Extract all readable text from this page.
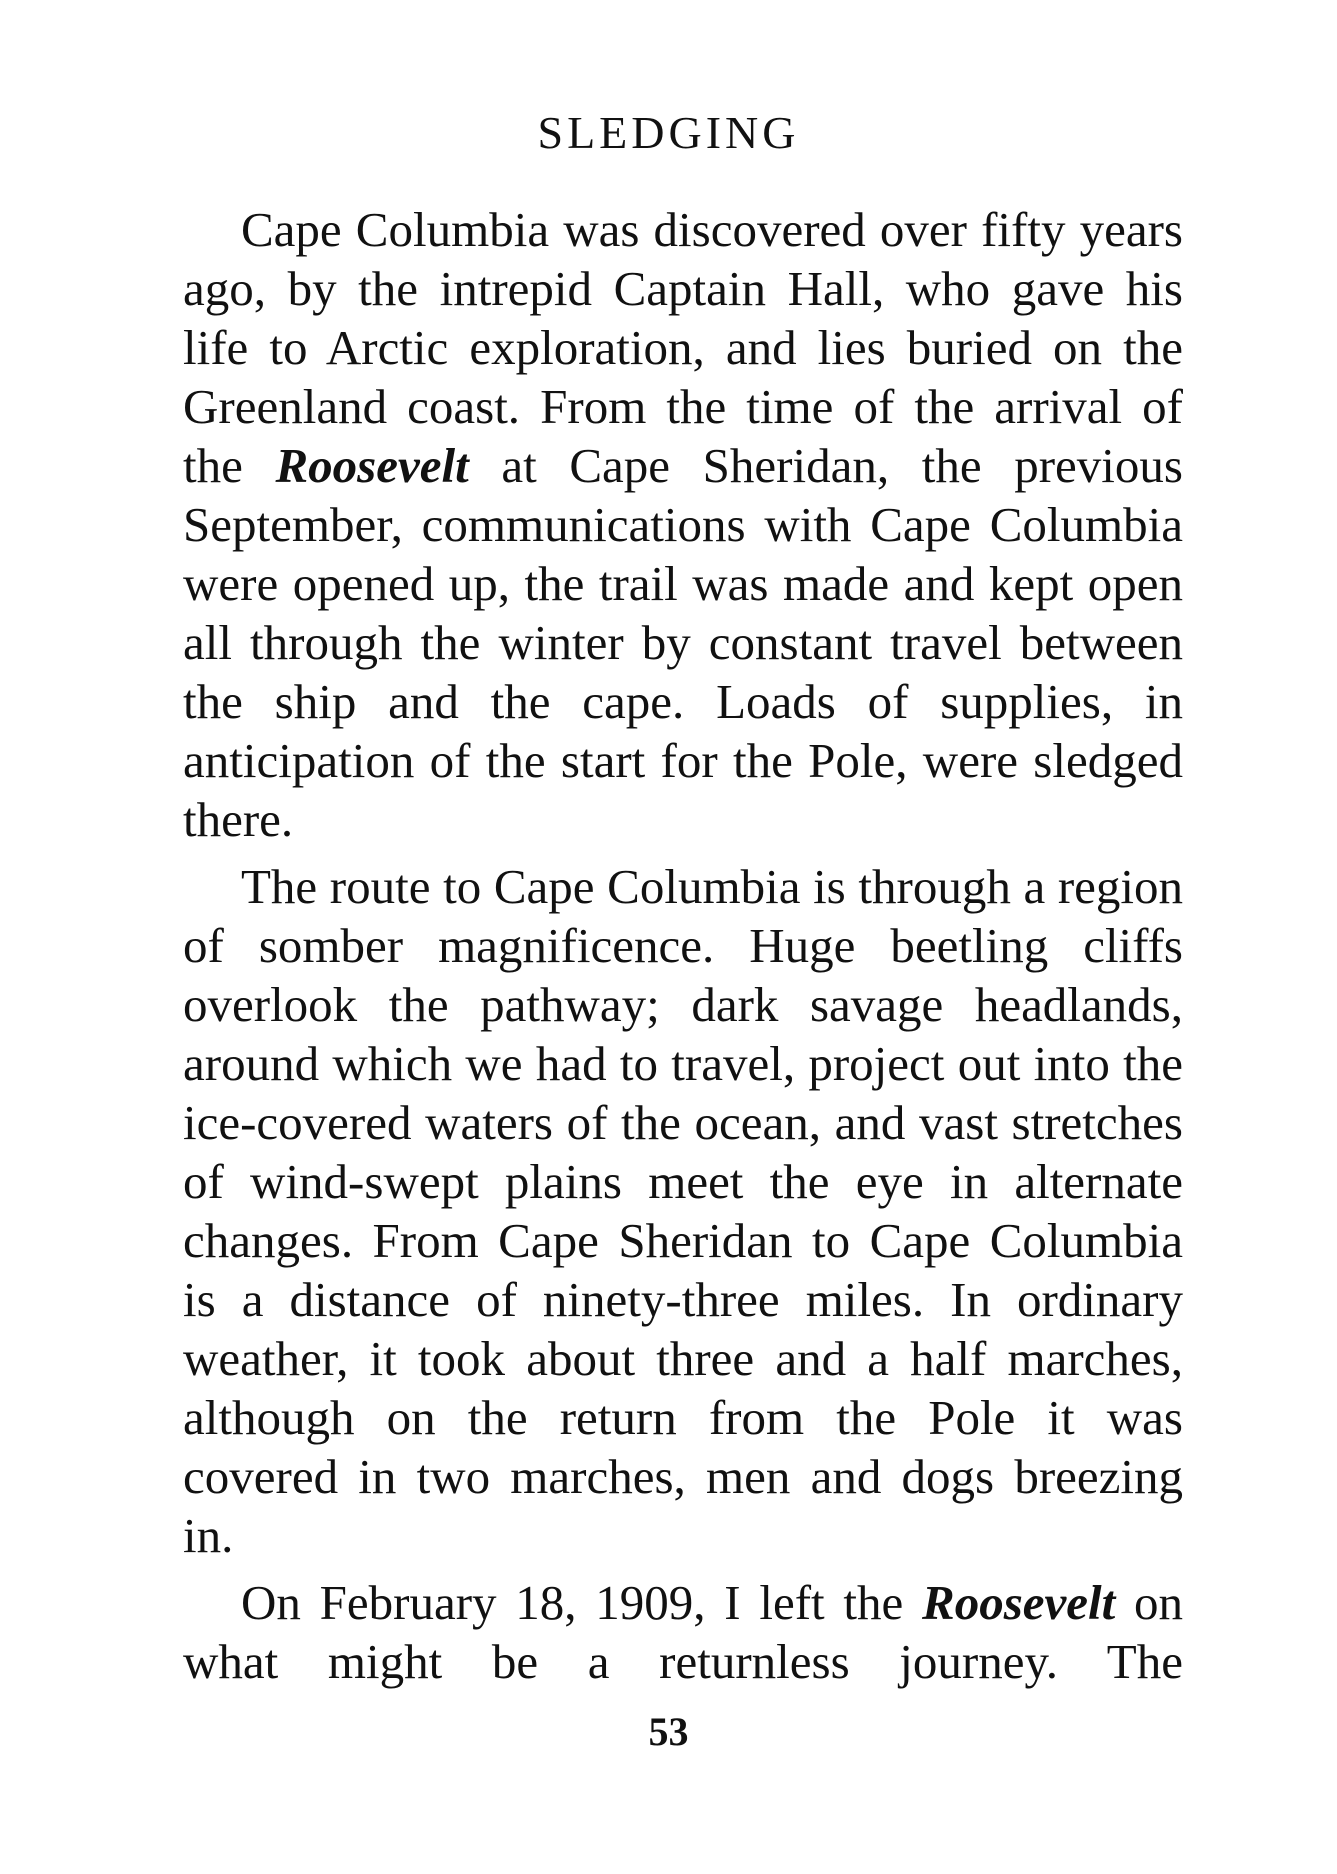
SLEDGING

Cape Columbia was discovered over fifty years ago, by the intrepid Captain Hall, who gave his life to Arctic exploration, and lies buried on the Greenland coast. From the time of the arrival of the Roosevelt at Cape Sheridan, the previous September, communications with Cape Columbia were opened up, the trail was made and kept open all through the winter by constant travel between the ship and the cape. Loads of supplies, in anticipation of the start for the Pole, were sledged there.

The route to Cape Columbia is through a region of somber magnificence. Huge beetling cliffs overlook the pathway; dark savage headlands, around which we had to travel, project out into the ice-covered waters of the ocean, and vast stretches of wind-swept plains meet the eye in alternate changes. From Cape Sheridan to Cape Columbia is a distance of ninety-three miles. In ordinary weather, it took about three and a half marches, although on the return from the Pole it was covered in two marches, men and dogs breezing in.

On February 18, 1909, I left the Roosevelt on what might be a returnless journey. The

53
